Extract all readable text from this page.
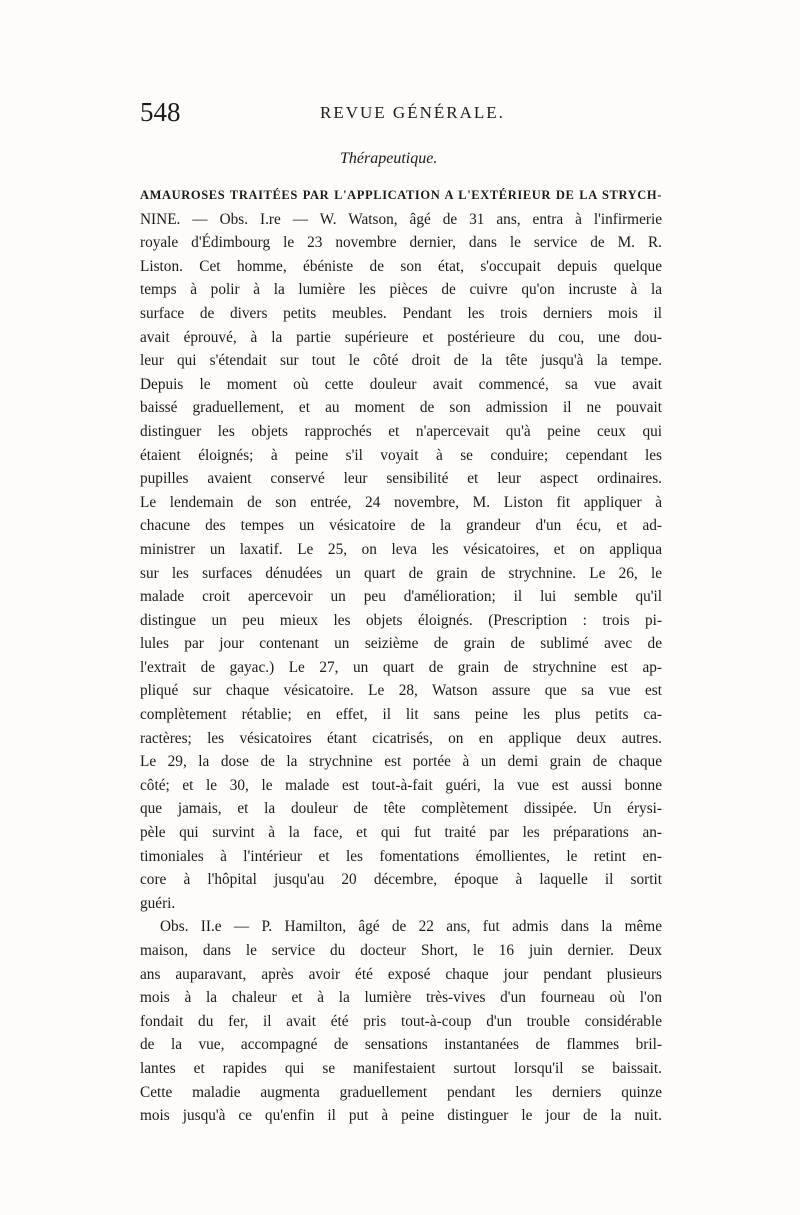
548	REVUE GÉNÉRALE.
Thérapeutique.
AMAUROSES TRAITÉES PAR L'APPLICATION A L'EXTÉRIEUR DE LA STRYCH-
NINE. — Obs. I.re — W. Watson, âgé de 31 ans, entra à l'infirmerie
royale d'Édimbourg le 23 novembre dernier, dans le service de M. R.
Liston. Cet homme, ébéniste de son état, s'occupait depuis quelque
temps à polir à la lumière les pièces de cuivre qu'on incruste à la
surface de divers petits meubles. Pendant les trois derniers mois il
avait éprouvé, à la partie supérieure et postérieure du cou, une dou-
leur qui s'étendait sur tout le côté droit de la tête jusqu'à la tempe.
Depuis le moment où cette douleur avait commencé, sa vue avait
baissé graduellement, et au moment de son admission il ne pouvait
distinguer les objets rapprochés et n'apercevait qu'à peine ceux qui
étaient éloignés; à peine s'il voyait à se conduire; cependant les
pupilles avaient conservé leur sensibilité et leur aspect ordinaires.
Le lendemain de son entrée, 24 novembre, M. Liston fit appliquer à
chacune des tempes un vésicatoire de la grandeur d'un écu, et ad-
ministrer un laxatif. Le 25, on leva les vésicatoires, et on appliqua
sur les surfaces dénudées un quart de grain de strychnine. Le 26, le
malade croit apercevoir un peu d'amélioration; il lui semble qu'il
distingue un peu mieux les objets éloignés. (Prescription : trois pi-
lules par jour contenant un seizième de grain de sublimé avec de
l'extrait de gayac.) Le 27, un quart de grain de strychnine est ap-
pliqué sur chaque vésicatoire. Le 28, Watson assure que sa vue est
complètement rétablie; en effet, il lit sans peine les plus petits ca-
ractères; les vésicatoires étant cicatrisés, on en applique deux autres.
Le 29, la dose de la strychnine est portée à un demi grain de chaque
côté; et le 30, le malade est tout-à-fait guéri, la vue est aussi bonne
que jamais, et la douleur de tête complètement dissipée. Un érysi-
pèle qui survint à la face, et qui fut traité par les préparations an-
timoniales à l'intérieur et les fomentations émollientes, le retint en-
core à l'hôpital jusqu'au 20 décembre, époque à laquelle il sortit
guéri.
Obs. II.e — P. Hamilton, âgé de 22 ans, fut admis dans la même
maison, dans le service du docteur Short, le 16 juin dernier. Deux
ans auparavant, après avoir été exposé chaque jour pendant plusieurs
mois à la chaleur et à la lumière très-vives d'un fourneau où l'on
fondait du fer, il avait été pris tout-à-coup d'un trouble considérable
de la vue, accompagné de sensations instantanées de flammes bril-
lantes et rapides qui se manifestaient surtout lorsqu'il se baissait.
Cette maladie augmenta graduellement pendant les derniers quinze
mois jusqu'à ce qu'enfin il put à peine distinguer le jour de la nuit.
